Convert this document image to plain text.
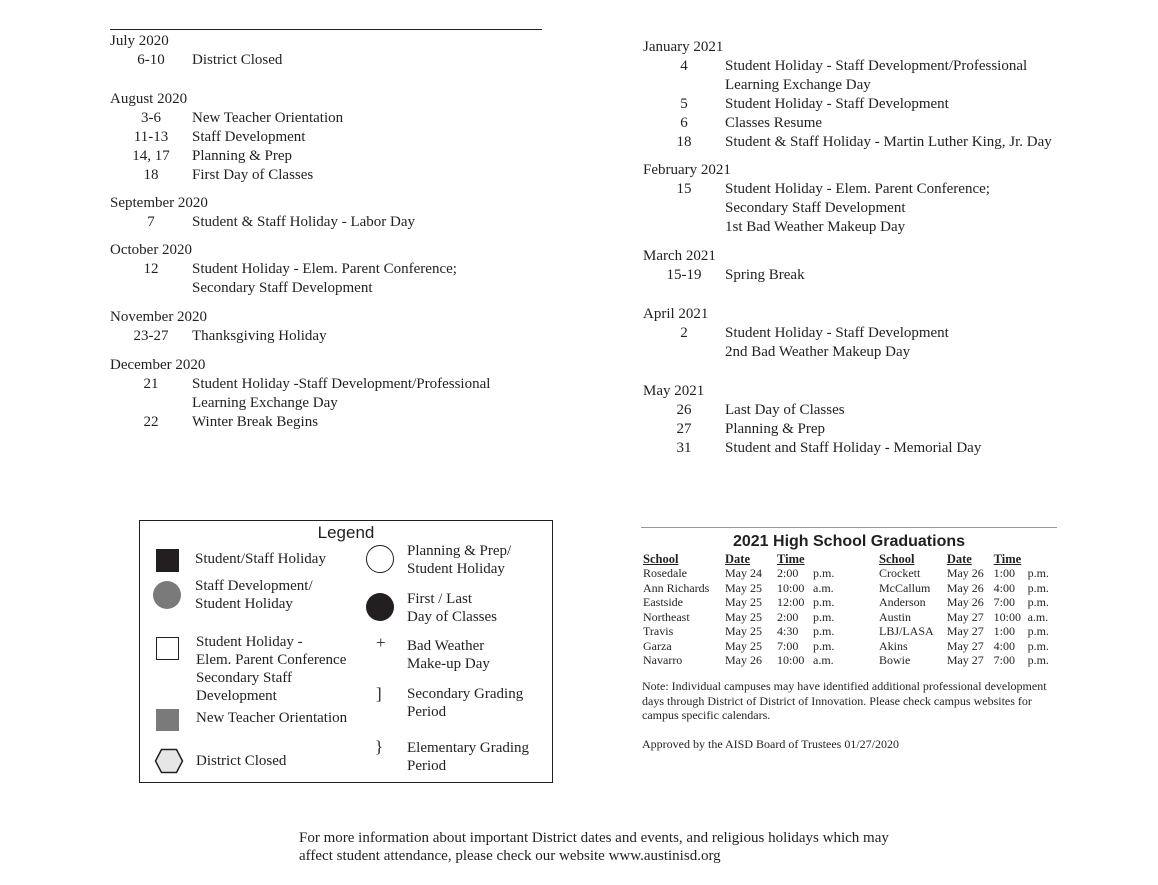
July 2020
6-10	District Closed
August 2020
3-6	New Teacher Orientation
11-13	Staff Development
14, 17	Planning & Prep
18	First Day of Classes
September 2020
7	Student & Staff Holiday - Labor Day
October 2020
12	Student Holiday - Elem. Parent Conference;
Secondary Staff Development
November 2020
23-27	Thanksgiving Holiday
December 2020
21	Student Holiday -Staff Development/Professional
Learning Exchange Day
22	Winter Break Begins
January 2021
4	Student Holiday - Staff Development/Professional
Learning Exchange Day
5	Student Holiday - Staff Development
6	Classes Resume
18	Student & Staff Holiday - Martin Luther King, Jr. Day
February 2021
15	Student Holiday - Elem. Parent Conference;
Secondary Staff Development
1st Bad Weather Makeup Day
March 2021
15-19	Spring Break
April 2021
2	Student Holiday - Staff Development
2nd Bad Weather Makeup Day
May 2021
26	Last Day of Classes
27	Planning & Prep
31	Student and Staff Holiday - Memorial Day
Legend
Student/Staff Holiday
Staff Development/
Student Holiday
Student Holiday -
Elem. Parent Conference
Secondary Staff
Development
New Teacher Orientation
District Closed
Planning & Prep/
Student Holiday
First / Last
Day of Classes
+ Bad Weather
Make-up Day
] Secondary Grading
Period
} Elementary Grading
Period
2021 High School Graduations
School	Date	Time	
Rosedale	May 24	2:00	p.m.
Ann Richards	May 25	10:00	a.m.
Eastside	May 25	12:00	p.m.
Northeast	May 25	2:00	p.m.
Travis	May 25	4:30	p.m.
Garza	May 25	7:00	p.m.
Navarro	May 26	10:00	a.m.
School	Date	Time	
Crockett	May 26	1:00	p.m.
McCallum	May 26	4:00	p.m.
Anderson	May 26	7:00	p.m.
Austin	May 27	10:00	a.m.
LBJ/LASA	May 27	1:00	p.m.
Akins	May 27	4:00	p.m.
Bowie	May 27	7:00	p.m.
Note: Individual campuses may have identified additional professional development days through District of District of Innovation. Please check campus websites for campus specific calendars.
Approved by the AISD Board of Trustees 01/27/2020
For more information about important District dates and events, and religious holidays which may
affect student attendance, please check our website www.austinisd.org
